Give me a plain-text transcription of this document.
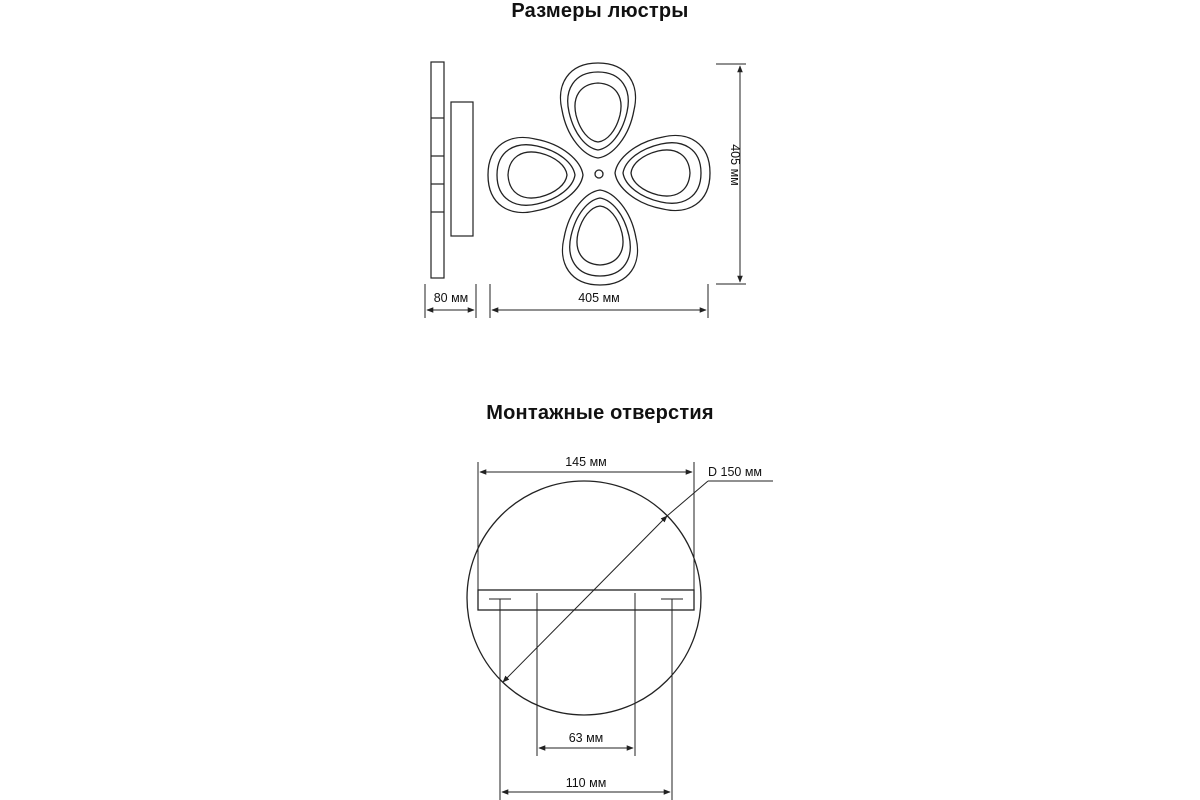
Размеры люстры
Монтажные отверстия
80 мм	405 мм
405 мм
145 мм
D 150 мм
63 мм
110 мм
